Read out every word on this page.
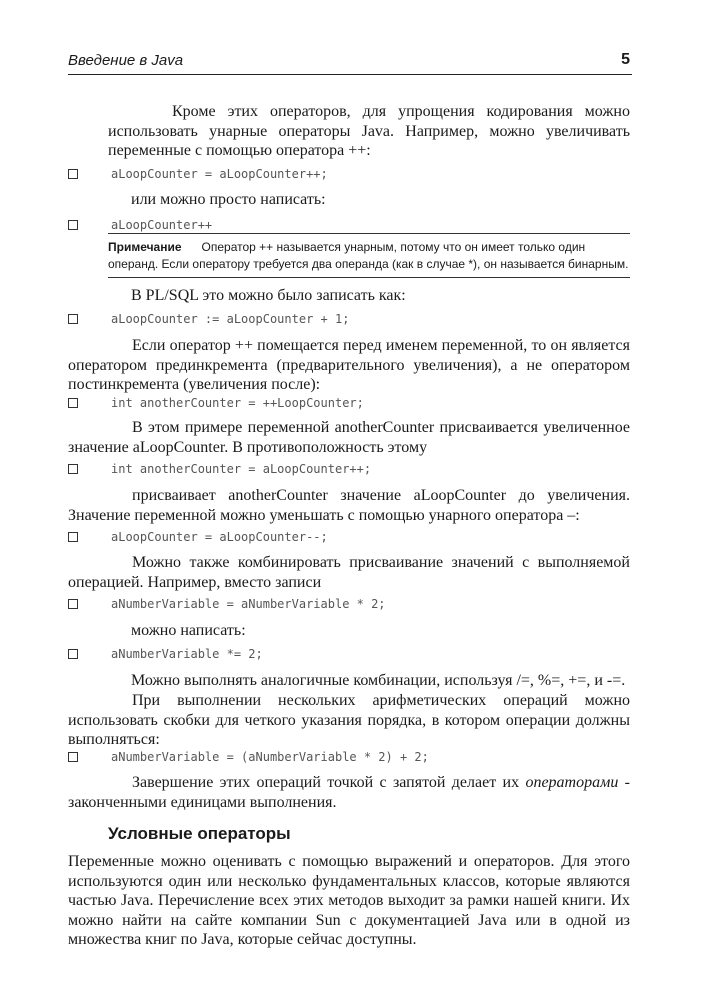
Введение в Java	5
Кроме этих операторов, для упрощения кодирования можно использовать унарные операторы Java. Например, можно увеличивать переменные с помощью оператора ++:
aLoopCounter = aLoopCounter++;
или можно просто написать:
aLoopCounter++
Примечание Оператор ++ называется унарным, потому что он имеет только один операнд. Если оператору требуется два операнда (как в случае *), он называется бинарным.
В PL/SQL это можно было записать как:
aLoopCounter := aLoopCounter + 1;
Если оператор ++ помещается перед именем переменной, то он является оператором прединкремента (предварительного увеличения), а не оператором постинкремента (увеличения после):
int anotherCounter = ++LoopCounter;
В этом примере переменной anotherCounter присваивается увеличенное значение aLoopCounter. В противоположность этому
int anotherCounter = aLoopCounter++;
присваивает anotherCounter значение aLoopCounter до увеличения. Значение переменной можно уменьшать с помощью унарного оператора –:
aLoopCounter = aLoopCounter--;
Можно также комбинировать присваивание значений с выполняемой операцией. Например, вместо записи
aNumberVariable = aNumberVariable * 2;
можно написать:
aNumberVariable *= 2;
Можно выполнять аналогичные комбинации, используя /=, %=, +=, и -=.
При выполнении нескольких арифметических операций можно использовать скобки для четкого указания порядка, в котором операции должны выполняться:
aNumberVariable = (aNumberVariable * 2) + 2;
Завершение этих операций точкой с запятой делает их операторами - законченными единицами выполнения.
Условные операторы
Переменные можно оценивать с помощью выражений и операторов. Для этого используются один или несколько фундаментальных классов, которые являются частью Java. Перечисление всех этих методов выходит за рамки нашей книги. Их можно найти на сайте компании Sun с документацией Java или в одной из множества книг по Java, которые сейчас доступны.
